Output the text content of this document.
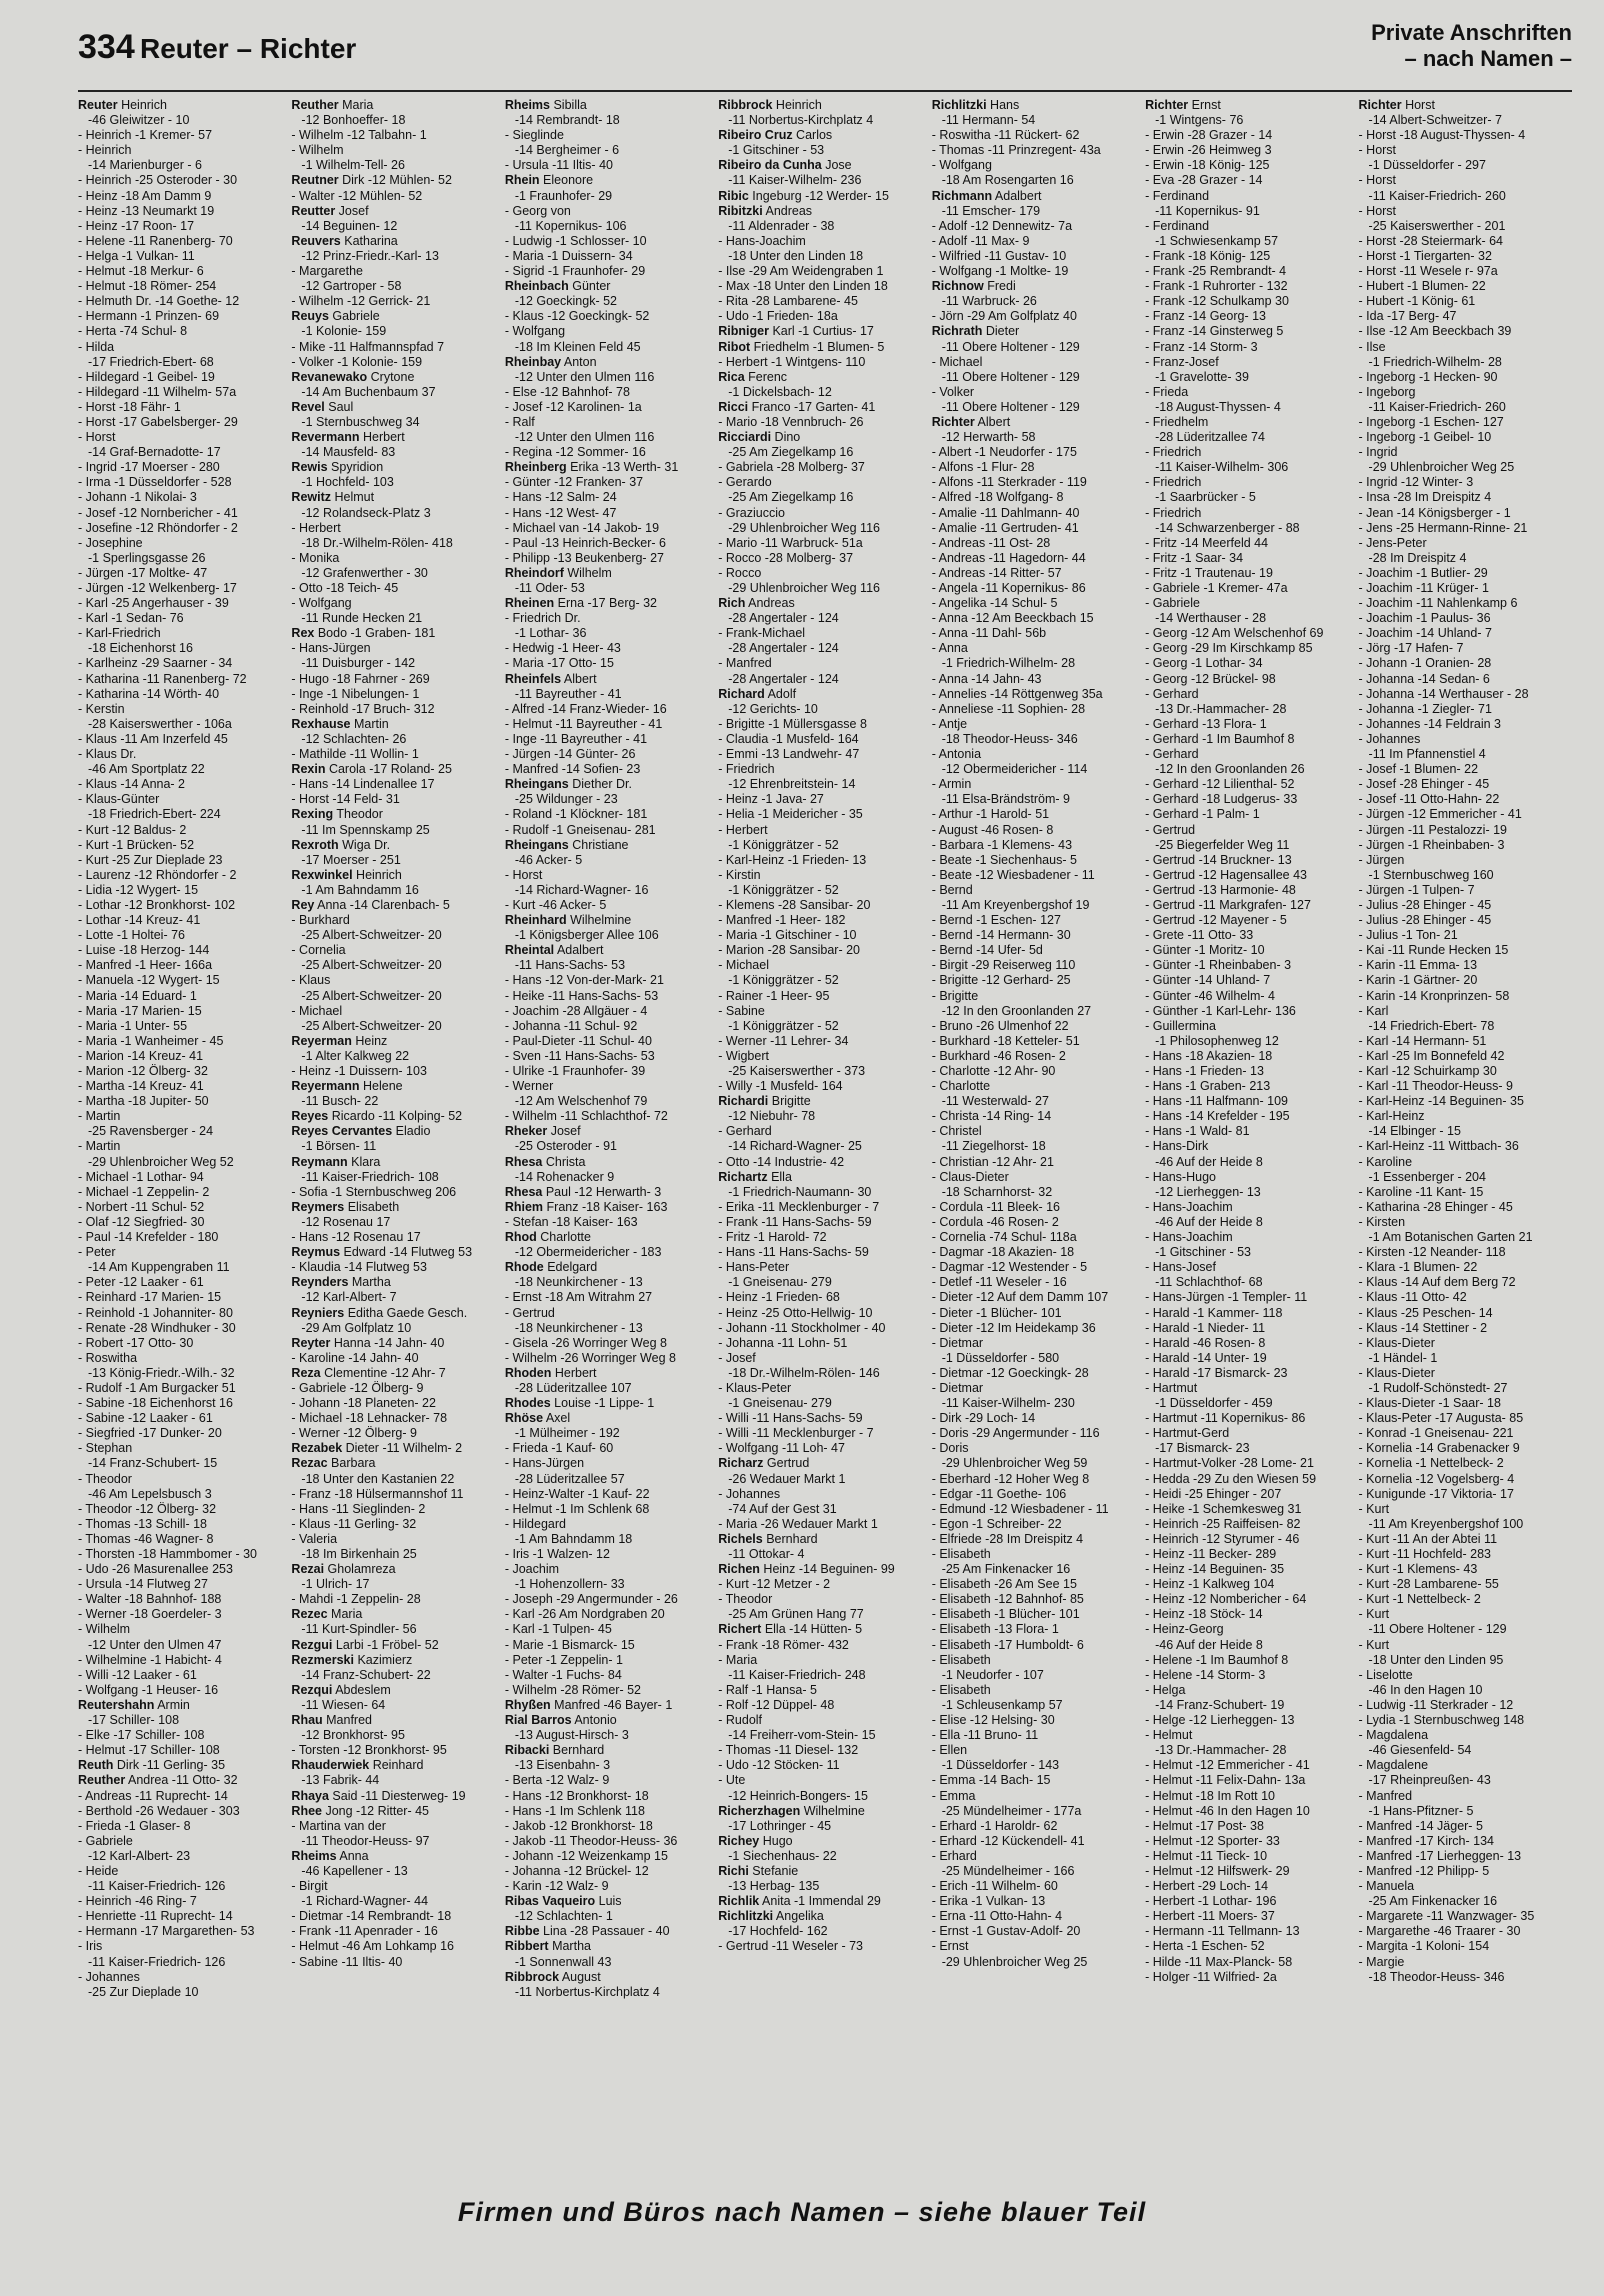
334 Reuter – Richter
Private Anschriften
– nach Namen –
Reuter Heinrich
-46 Gleiwitzer - 10
- Heinrich -1 Kremer- 57
- Heinrich
-14 Marienburger - 6
- Heinrich -25 Osteroder - 30
- Heinz -18 Am Damm 9
- Heinz -13 Neumarkt 19
- Heinz -17 Roon- 17
- Helene -11 Ranenberg- 70
- Helga -1 Vulkan- 11
- Helmut -18 Merkur- 6
- Helmut -18 Römer- 254
- Helmuth Dr. -14 Goethe- 12
- Hermann -1 Prinzen- 69
- Herta -74 Schul- 8
- Hilda
-17 Friedrich-Ebert- 68
- Hildegard -1 Geibel- 19
- Hildegard -11 Wilhelm- 57a
- Horst -18 Fähr- 1
- Horst -17 Gabelsberger- 29
- Horst
-14 Graf-Bernadotte- 17
- Ingrid -17 Moerser - 280
- Irma -1 Düsseldorfer - 528
- Johann -1 Nikolai- 3
- Josef -12 Nornbericher - 41
- Josefine -12 Rhöndorfer - 2
- Josephine
-1 Sperlingsgasse 26
- Jürgen -17 Moltke- 47
- Jürgen -12 Welkenberg- 17
- Karl -25 Angerhauser - 39
- Karl -1 Sedan- 76
- Karl-Friedrich
-18 Eichenhorst 16
- Karlheinz -29 Saarner - 34
- Katharina -11 Ranenberg- 72
- Katharina -14 Wörth- 40
- Kerstin
-28 Kaiserswerther - 106a
- Klaus -11 Am Inzerfeld 45
- Klaus Dr.
-46 Am Sportplatz 22
- Klaus -14 Anna- 2
- Klaus-Günter
-18 Friedrich-Ebert- 224
- Kurt -12 Baldus- 2
- Kurt -1 Brücken- 52
- Kurt -25 Zur Dieplade 23
- Laurenz -12 Rhöndorfer - 2
- Lidia -12 Wygert- 15
- Lothar -12 Bronkhorst- 102
- Lothar -14 Kreuz- 41
- Lotte -1 Holtei- 76
- Luise -18 Herzog- 144
- Manfred -1 Heer- 166a
- Manuela -12 Wygert- 15
- Maria -14 Eduard- 1
- Maria -17 Marien- 15
- Maria -1 Unter- 55
- Maria -1 Wanheimer - 45
- Marion -14 Kreuz- 41
- Marion -12 Ölberg- 32
- Martha -14 Kreuz- 41
- Martha -18 Jupiter- 50
- Martin
-25 Ravensberger - 24
- Martin
-29 Uhlenbroicher Weg 52
- Michael -1 Lothar- 94
- Michael -1 Zeppelin- 2
- Norbert -11 Schul- 52
- Olaf -12 Siegfried- 30
- Paul -14 Krefelder - 180
- Peter
-14 Am Kuppengraben 11
- Peter -12 Laaker - 61
- Reinhard -17 Marien- 15
- Reinhold -1 Johanniter- 80
- Renate -28 Windhuker - 30
- Robert -17 Otto- 30
- Roswitha
-13 König-Friedr.-Wilh.- 32
- Rudolf -1 Am Burgacker 51
- Sabine -18 Eichenhorst 16
- Sabine -12 Laaker - 61
- Siegfried -17 Dunker- 20
- Stephan
-14 Franz-Schubert- 15
- Theodor
-46 Am Lepelsbusch 3
- Theodor -12 Ölberg- 32
- Thomas -13 Schill- 18
- Thomas -46 Wagner- 8
- Thorsten -18 Hammbomer - 30
- Udo -26 Masurenallee 253
- Ursula -14 Flutweg 27
- Walter -18 Bahnhof- 188
- Werner -18 Goerdeler- 3
- Wilhelm
-12 Unter den Ulmen 47
- Wilhelmine -1 Habicht- 4
- Willi -12 Laaker - 61
- Wolfgang -1 Heuser- 16
Reutershahn Armin
-17 Schiller- 108
- Elke -17 Schiller- 108
- Helmut -17 Schiller- 108
Reuth Dirk -11 Gerling- 35
Reuther Andrea -11 Otto- 32
- Andreas -11 Ruprecht- 14
- Berthold -26 Wedauer - 303
- Frieda -1 Glaser- 8
- Gabriele
-12 Karl-Albert- 23
- Heide
-11 Kaiser-Friedrich- 126
- Heinrich -46 Ring- 7
- Henriette -11 Ruprecht- 14
- Hermann -17 Margarethen- 53
- Iris
-11 Kaiser-Friedrich- 126
- Johannes
-25 Zur Dieplade 10
Reuther Maria
-12 Bonhoeffer- 18
- Wilhelm -12 Talbahn- 1
- Wilhelm
-1 Wilhelm-Tell- 26
Reutner Dirk -12 Mühlen- 52
- Walter -12 Mühlen- 52
Reutter Josef
-14 Beguinen- 12
Reuvers Katharina
-12 Prinz-Friedr.-Karl- 13
- Margarethe
-12 Gartroper - 58
- Wilhelm -12 Gerrick- 21
Reuys Gabriele
-1 Kolonie- 159
- Mike -11 Halfmannspfad 7
- Volker -1 Kolonie- 159
Revanewako Crytone
-14 Am Buchenbaum 37
Revel Saul
-1 Sternbuschweg 34
Revermann Herbert
-14 Mausfeld- 83
Rewis Spyridion
-1 Hochfeld- 103
Rewitz Helmut
-12 Rolandseck-Platz 3
- Herbert
-18 Dr.-Wilhelm-Rölen- 418
- Monika
-12 Grafenwerther - 30
- Otto -18 Teich- 45
- Wolfgang
-11 Runde Hecken 21
Rex Bodo -1 Graben- 181
- Hans-Jürgen
-11 Duisburger - 142
- Hugo -18 Fahrner - 269
- Inge -1 Nibelungen- 1
- Reinhold -17 Bruch- 312
Rexhause Martin
-12 Schlachten- 26
- Mathilde -11 Wollin- 1
Rexin Carola -17 Roland- 25
- Hans -14 Lindenallee 17
- Horst -14 Feld- 31
Rexing Theodor
-11 Im Spennskamp 25
Rexroth Wiga Dr.
-17 Moerser - 251
Rexwinkel Heinrich
-1 Am Bahndamm 16
Rey Anna -14 Clarenbach- 5
- Burkhard
-25 Albert-Schweitzer- 20
- Cornelia
-25 Albert-Schweitzer- 20
- Klaus
-25 Albert-Schweitzer- 20
- Michael
-25 Albert-Schweitzer- 20
Reyerman Heinz
-1 Alter Kalkweg 22
- Heinz -1 Duissern- 103
Reyermann Helene
-11 Busch- 22
Reyes Ricardo -11 Kolping- 52
Reyes Cervantes Eladio
-1 Börsen- 11
Reymann Klara
-11 Kaiser-Friedrich- 108
- Sofia -1 Sternbuschweg 206
Reymers Elisabeth
-12 Rosenau 17
- Hans -12 Rosenau 17
Reymus Edward -14 Flutweg 53
- Klaudia -14 Flutweg 53
Reynders Martha
-12 Karl-Albert- 7
Reyniers Editha Gaede Gesch.
-29 Am Golfplatz 10
Reyter Hanna -14 Jahn- 40
- Karoline -14 Jahn- 40
Reza Clementine -12 Ahr- 7
- Gabriele -12 Ölberg- 9
- Johann -18 Planeten- 22
- Michael -18 Lehnacker- 78
- Werner -12 Ölberg- 9
Rezabek Dieter -11 Wilhelm- 2
Rezac Barbara
-18 Unter den Kastanien 22
- Franz -18 Hülsermannshof 11
- Hans -11 Sieglinden- 2
- Klaus -11 Gerling- 32
- Valeria
-18 Im Birkenhain 25
Rezai Gholamreza
-1 Ulrich- 17
- Mahdi -1 Zeppelin- 28
Rezec Maria
-11 Kurt-Spindler- 56
Rezgui Larbi -1 Fröbel- 52
Rezmerski Kazimierz
-14 Franz-Schubert- 22
Rezqui Abdeslem
-11 Wiesen- 64
Rhau Manfred
-12 Bronkhorst- 95
- Torsten -12 Bronkhorst- 95
Rhauderwiek Reinhard
-13 Fabrik- 44
Rhaya Said -11 Diesterweg- 19
Rhee Jong -12 Ritter- 45
- Martina van der
-11 Theodor-Heuss- 97
Rheims Anna
-46 Kapellener - 13
- Birgit
-1 Richard-Wagner- 44
- Dietmar -14 Rembrandt- 18
- Frank -11 Apenrader - 16
- Helmut -46 Am Lohkamp 16
- Sabine -11 Iltis- 40
Rheims Sibilla
-14 Rembrandt- 18
- Sieglinde
-14 Bergheimer - 6
- Ursula -11 Iltis- 40
Rhein Eleonore
-1 Fraunhofer- 29
- Georg von
-11 Kopernikus- 106
- Ludwig -1 Schlosser- 10
- Maria -1 Duissern- 34
- Sigrid -1 Fraunhofer- 29
Rheinbach Günter
-12 Goeckingk- 52
- Klaus -12 Goeckingk- 52
- Wolfgang
-18 Im Kleinen Feld 45
Rheinbay Anton
-12 Unter den Ulmen 116
- Else -12 Bahnhof- 78
- Josef -12 Karolinen- 1a
- Ralf
-12 Unter den Ulmen 116
- Regina -12 Sommer- 16
Rheinberg Erika -13 Werth- 31
- Günter -12 Franken- 37
- Hans -12 Salm- 24
- Hans -12 West- 47
- Michael van -14 Jakob- 19
- Paul -13 Heinrich-Becker- 6
- Philipp -13 Beukenberg- 27
Rheindorf Wilhelm
-11 Oder- 53
Rheinen Erna -17 Berg- 32
- Friedrich Dr.
-1 Lothar- 36
- Hedwig -1 Heer- 43
- Maria -17 Otto- 15
Rheinfels Albert
-11 Bayreuther - 41
- Alfred -14 Franz-Wieder- 16
- Helmut -11 Bayreuther - 41
- Inge -11 Bayreuther - 41
- Jürgen -14 Günter- 26
- Manfred -14 Sofien- 23
Rheingans Diether Dr.
-25 Wildunger - 23
- Roland -1 Klöckner- 181
- Rudolf -1 Gneisenau- 281
Rheingans Christiane
-46 Acker- 5
- Horst
-14 Richard-Wagner- 16
- Kurt -46 Acker- 5
Rheinhard Wilhelmine
-1 Königsberger Allee 106
Rheintal Adalbert
-11 Hans-Sachs- 53
- Hans -12 Von-der-Mark- 21
- Heike -11 Hans-Sachs- 53
- Joachim -28 Allgäuer - 4
- Johanna -11 Schul- 92
- Paul-Dieter -11 Schul- 40
- Sven -11 Hans-Sachs- 53
- Ulrike -1 Fraunhofer- 39
- Werner
-12 Am Welschenhof 79
- Wilhelm -11 Schlachthof- 72
Rheker Josef
-25 Osteroder - 91
Rhesa Christa
-14 Rohenacker 9
Rhesa Paul -12 Herwarth- 3
Rhiem Franz -18 Kaiser- 163
- Stefan -18 Kaiser- 163
Rhod Charlotte
-12 Obermeidericher - 183
Rhode Edelgard
-18 Neunkirchener - 13
- Ernst -18 Am Witrahm 27
- Gertrud
-18 Neunkirchener - 13
- Gisela -26 Worringer Weg 8
- Wilhelm -26 Worringer Weg 8
Rhoden Herbert
-28 Lüderitzallee 107
Rhodes Louise -1 Lippe- 1
Rhöse Axel
-1 Mülheimer - 192
- Frieda -1 Kauf- 60
- Hans-Jürgen
-28 Lüderitzallee 57
- Heinz-Walter -1 Kauf- 22
- Helmut -1 Im Schlenk 68
- Hildegard
-1 Am Bahndamm 18
- Iris -1 Walzen- 12
- Joachim
-1 Hohenzollern- 33
- Joseph -29 Angermunder - 26
- Karl -26 Am Nordgraben 20
- Karl -1 Tulpen- 45
- Marie -1 Bismarck- 15
- Peter -1 Zeppelin- 1
- Walter -1 Fuchs- 84
- Wilhelm -28 Römer- 52
Rhyßen Manfred -46 Bayer- 1
Rial Barros Antonio
-13 August-Hirsch- 3
Ribacki Bernhard
-13 Eisenbahn- 3
- Berta -12 Walz- 9
- Hans -12 Bronkhorst- 18
- Hans -1 Im Schlenk 118
- Jakob -12 Bronkhorst- 18
- Jakob -11 Theodor-Heuss- 36
- Johann -12 Weizenkamp 15
- Johanna -12 Brückel- 12
- Karin -12 Walz- 9
Ribas Vaqueiro Luis
-12 Schlachten- 1
Ribbe Lina -28 Passauer - 40
Ribbert Martha
-1 Sonnenwall 43
Ribbrock August
-11 Norbertus-Kirchplatz 4
Ribbrock Heinrich
-11 Norbertus-Kirchplatz 4
Ribeiro Cruz Carlos
-1 Gitschiner - 53
Ribeiro da Cunha Jose
-11 Kaiser-Wilhelm- 236
Ribic Ingeburg -12 Werder- 15
Ribitzki Andreas
-11 Aldenrader - 38
- Hans-Joachim
-18 Unter den Linden 18
- Ilse -29 Am Weidengraben 1
- Max -18 Unter den Linden 18
- Rita -28 Lambarene- 45
- Udo -1 Frieden- 18a
Ribniger Karl -1 Curtius- 17
Ribot Friedhelm -1 Blumen- 5
- Herbert -1 Wintgens- 110
Rica Ferenc
-1 Dickelsbach- 12
Ricci Franco -17 Garten- 41
- Mario -18 Vennbruch- 26
Ricciardi Dino
-25 Am Ziegelkamp 16
- Gabriela -28 Molberg- 37
- Gerardo
-25 Am Ziegelkamp 16
- Graziuccio
-29 Uhlenbroicher Weg 116
- Mario -11 Warbruck- 51a
- Rocco -28 Molberg- 37
- Rocco
-29 Uhlenbroicher Weg 116
Rich Andreas
-28 Angertaler - 124
- Frank-Michael
-28 Angertaler - 124
- Manfred
-28 Angertaler - 124
Richard Adolf
-12 Gerichts- 10
- Brigitte -1 Müllersgasse 8
- Claudia -1 Musfeld- 164
- Emmi -13 Landwehr- 47
- Friedrich
-12 Ehrenbreitstein- 14
- Heinz -1 Java- 27
- Helia -1 Meidericher - 35
- Herbert
-1 Königgrätzer - 52
- Karl-Heinz -1 Frieden- 13
- Kirstin
-1 Königgrätzer - 52
- Klemens -28 Sansibar- 20
- Manfred -1 Heer- 182
- Maria -1 Gitschiner - 10
- Marion -28 Sansibar- 20
- Michael
-1 Königgrätzer - 52
- Rainer -1 Heer- 95
- Sabine
-1 Königgrätzer - 52
- Werner -11 Lehrer- 34
- Wigbert
-25 Kaiserswerther - 373
- Willy -1 Musfeld- 164
Richardi Brigitte
-12 Niebuhr- 78
- Gerhard
-14 Richard-Wagner- 25
- Otto -14 Industrie- 42
Richartz Ella
-1 Friedrich-Naumann- 30
- Erika -11 Mecklenburger - 7
- Frank -11 Hans-Sachs- 59
- Fritz -1 Harold- 72
- Hans -11 Hans-Sachs- 59
- Hans-Peter
-1 Gneisenau- 279
- Heinz -1 Frieden- 68
- Heinz -25 Otto-Hellwig- 10
- Johann -11 Stockholmer - 40
- Johanna -11 Lohn- 51
- Josef
-18 Dr.-Wilhelm-Rölen- 146
- Klaus-Peter
-1 Gneisenau- 279
- Willi -11 Hans-Sachs- 59
- Willi -11 Mecklenburger - 7
- Wolfgang -11 Loh- 47
Richarz Gertrud
-26 Wedauer Markt 1
- Johannes
-74 Auf der Gest 31
- Maria -26 Wedauer Markt 1
Richels Bernhard
-11 Ottokar- 4
Richen Heinz -14 Beguinen- 99
- Kurt -12 Metzer - 2
- Theodor
-25 Am Grünen Hang 77
Richert Ella -14 Hütten- 5
- Frank -18 Römer- 432
- Maria
-11 Kaiser-Friedrich- 248
- Ralf -1 Hansa- 5
- Rolf -12 Düppel- 48
- Rudolf
-14 Freiherr-vom-Stein- 15
- Thomas -11 Diesel- 132
- Udo -12 Stöcken- 11
- Ute
-12 Heinrich-Bongers- 15
Richerzhagen Wilhelmine
-17 Lothringer - 45
Richey Hugo
-1 Siechenhaus- 22
Richi Stefanie
-13 Herbag- 135
Richlik Anita -1 Immendal 29
Richlitzki Angelika
-17 Hochfeld- 162
- Gertrud -11 Weseler - 73
Richlitzki Hans
-11 Hermann- 54
- Roswitha -11 Rückert- 62
- Thomas -11 Prinzregent- 43a
- Wolfgang
-18 Am Rosengarten 16
Richmann Adalbert
-11 Emscher- 179
- Adolf -12 Dennewitz- 7a
- Adolf -11 Max- 9
- Wilfried -11 Gustav- 10
- Wolfgang -1 Moltke- 19
Richnow Fredi
-11 Warbruck- 26
- Jörn -29 Am Golfplatz 40
Richrath Dieter
-11 Obere Holtener - 129
- Michael
-11 Obere Holtener - 129
- Volker
-11 Obere Holtener - 129
Richter Albert
-12 Herwarth- 58
- Albert -1 Neudorfer - 175
- Alfons -1 Flur- 28
- Alfons -11 Sterkrader - 119
- Alfred -18 Wolfgang- 8
- Amalie -11 Dahlmann- 40
- Amalie -11 Gertruden- 41
- Andreas -11 Ost- 28
- Andreas -11 Hagedorn- 44
- Andreas -14 Ritter- 57
- Angela -11 Kopernikus- 86
- Angelika -14 Schul- 5
- Anna -12 Am Beeckbach 15
- Anna -11 Dahl- 56b
- Anna
-1 Friedrich-Wilhelm- 28
- Anna -14 Jahn- 43
- Annelies -14 Röttgenweg 35a
- Anneliese -11 Sophien- 28
- Antje
-18 Theodor-Heuss- 346
- Antonia
-12 Obermeidericher - 114
- Armin
-11 Elsa-Brändström- 9
- Arthur -1 Harold- 51
- August -46 Rosen- 8
- Barbara -1 Klemens- 43
- Beate -1 Siechenhaus- 5
- Beate -12 Wiesbadener - 11
- Bernd
-11 Am Kreyenbergshof 19
- Bernd -1 Eschen- 127
- Bernd -14 Hermann- 30
- Bernd -14 Ufer- 5d
- Birgit -29 Reiserweg 110
- Brigitte -12 Gerhard- 25
- Brigitte
-12 In den Groonlanden 27
- Bruno -26 Ulmenhof 22
- Burkhard -18 Ketteler- 51
- Burkhard -46 Rosen- 2
- Charlotte -12 Ahr- 90
- Charlotte
-11 Westerwald- 27
- Christa -14 Ring- 14
- Christel
-11 Ziegelhorst- 18
- Christian -12 Ahr- 21
- Claus-Dieter
-18 Scharnhorst- 32
- Cordula -11 Bleek- 16
- Cordula -46 Rosen- 2
- Cornelia -74 Schul- 118a
- Dagmar -18 Akazien- 18
- Dagmar -12 Westender - 5
- Detlef -11 Weseler - 16
- Dieter -12 Auf dem Damm 107
- Dieter -1 Blücher- 101
- Dieter -12 Im Heidekamp 36
- Dietmar
-1 Düsseldorfer - 580
- Dietmar -12 Goeckingk- 28
- Dietmar
-11 Kaiser-Wilhelm- 230
- Dirk -29 Loch- 14
- Doris -29 Angermunder - 116
- Doris
-29 Uhlenbroicher Weg 59
- Eberhard -12 Hoher Weg 8
- Edgar -11 Goethe- 106
- Edmund -12 Wiesbadener - 11
- Egon -1 Schreiber- 22
- Elfriede -28 Im Dreispitz 4
- Elisabeth
-25 Am Finkenacker 16
- Elisabeth -26 Am See 15
- Elisabeth -12 Bahnhof- 85
- Elisabeth -1 Blücher- 101
- Elisabeth -13 Flora- 1
- Elisabeth -17 Humboldt- 6
- Elisabeth
-1 Neudorfer - 107
- Elisabeth
-1 Schleusenkamp 57
- Elise -12 Helsing- 30
- Ella -11 Bruno- 11
- Ellen
-1 Düsseldorfer - 143
- Emma -14 Bach- 15
- Emma
-25 Mündelheimer - 177a
- Erhard -1 Haroldr- 62
- Erhard -12 Kückendell- 41
- Erhard
-25 Mündelheimer - 166
- Erich -11 Wilhelm- 60
- Erika -1 Vulkan- 13
- Erna -11 Otto-Hahn- 4
- Ernst -1 Gustav-Adolf- 20
- Ernst
-29 Uhlenbroicher Weg 25
Richter Ernst
-1 Wintgens- 76
- Erwin -28 Grazer - 14
- Erwin -26 Heimweg 3
- Erwin -18 König- 125
- Eva -28 Grazer - 14
- Ferdinand
-11 Kopernikus- 91
- Ferdinand
-1 Schwiesenkamp 57
- Frank -18 König- 125
- Frank -25 Rembrandt- 4
- Frank -1 Ruhrorter - 132
- Frank -12 Schulkamp 30
- Franz -14 Georg- 13
- Franz -14 Ginsterweg 5
- Franz -14 Storm- 3
- Franz-Josef
-1 Gravelotte- 39
- Frieda
-18 August-Thyssen- 4
- Friedhelm
-28 Lüderitzallee 74
- Friedrich
-11 Kaiser-Wilhelm- 306
- Friedrich
-1 Saarbrücker - 5
- Friedrich
-14 Schwarzenberger - 88
- Fritz -14 Meerfeld 44
- Fritz -1 Saar- 34
- Fritz -1 Trautenau- 19
- Gabriele -1 Kremer- 47a
- Gabriele
-14 Werthauser - 28
- Georg -12 Am Welschenhof 69
- Georg -29 Im Kirschkamp 85
- Georg -1 Lothar- 34
- Georg -12 Brückel- 98
- Gerhard
-13 Dr.-Hammacher- 28
- Gerhard -13 Flora- 1
- Gerhard -1 Im Baumhof 8
- Gerhard
-12 In den Groonlanden 26
- Gerhard -12 Lilienthal- 52
- Gerhard -18 Ludgerus- 33
- Gerhard -1 Palm- 1
- Gertrud
-25 Biegerfelder Weg 11
- Gertrud -14 Bruckner- 13
- Gertrud -12 Hagensallee 43
- Gertrud -13 Harmonie- 48
- Gertrud -11 Markgrafen- 127
- Gertrud -12 Mayener - 5
- Grete -11 Otto- 33
- Günter -1 Moritz- 10
- Günter -1 Rheinbaben- 3
- Günter -14 Uhland- 7
- Günter -46 Wilhelm- 4
- Günther -1 Karl-Lehr- 136
- Guillermina
-1 Philosophenweg 12
- Hans -18 Akazien- 18
- Hans -1 Frieden- 13
- Hans -1 Graben- 213
- Hans -11 Halfmann- 109
- Hans -14 Krefelder - 195
- Hans -1 Wald- 81
- Hans-Dirk
-46 Auf der Heide 8
- Hans-Hugo
-12 Lierheggen- 13
- Hans-Joachim
-46 Auf der Heide 8
- Hans-Joachim
-1 Gitschiner - 53
- Hans-Josef
-11 Schlachthof- 68
- Hans-Jürgen -1 Templer- 11
- Harald -1 Kammer- 118
- Harald -1 Nieder- 11
- Harald -46 Rosen- 8
- Harald -14 Unter- 19
- Harald -17 Bismarck- 23
- Hartmut
-1 Düsseldorfer - 459
- Hartmut -11 Kopernikus- 86
- Hartmut-Gerd
-17 Bismarck- 23
- Hartmut-Volker -28 Lome- 21
- Hedda -29 Zu den Wiesen 59
- Heidi -25 Ehinger - 207
- Heike -1 Schemkesweg 31
- Heinrich -25 Raiffeisen- 82
- Heinrich -12 Styrumer - 46
- Heinz -11 Becker- 289
- Heinz -14 Beguinen- 35
- Heinz -1 Kalkweg 104
- Heinz -12 Nombericher - 64
- Heinz -18 Stöck- 14
- Heinz-Georg
-46 Auf der Heide 8
- Helene -1 Im Baumhof 8
- Helene -14 Storm- 3
- Helga
-14 Franz-Schubert- 19
- Helge -12 Lierheggen- 13
- Helmut
-13 Dr.-Hammacher- 28
- Helmut -12 Emmericher - 41
- Helmut -11 Felix-Dahn- 13a
- Helmut -18 Im Rott 10
- Helmut -46 In den Hagen 10
- Helmut -17 Post- 38
- Helmut -12 Sporter- 33
- Helmut -11 Tieck- 10
- Helmut -12 Hilfswerk- 29
- Herbert -29 Loch- 14
- Herbert -1 Lothar- 196
- Herbert -11 Moers- 37
- Hermann -11 Tellmann- 13
- Herta -1 Eschen- 52
- Hilde -11 Max-Planck- 58
- Holger -11 Wilfried- 2a
Richter Horst
-14 Albert-Schweitzer- 7
- Horst -18 August-Thyssen- 4
- Horst
-1 Düsseldorfer - 297
- Horst
-11 Kaiser-Friedrich- 260
- Horst
-25 Kaiserswerther - 201
- Horst -28 Steiermark- 64
- Horst -1 Tiergarten- 32
- Horst -11 Wesele r- 97a
- Hubert -1 Blumen- 22
- Hubert -1 König- 61
- Ida -17 Berg- 47
- Ilse -12 Am Beeckbach 39
- Ilse
-1 Friedrich-Wilhelm- 28
- Ingeborg -1 Hecken- 90
- Ingeborg
-11 Kaiser-Friedrich- 260
- Ingeborg -1 Eschen- 127
- Ingeborg -1 Geibel- 10
- Ingrid
-29 Uhlenbroicher Weg 25
- Ingrid -12 Winter- 3
- Insa -28 Im Dreispitz 4
- Jean -14 Königsberger - 1
- Jens -25 Hermann-Rinne- 21
- Jens-Peter
-28 Im Dreispitz 4
- Joachim -1 Butlier- 29
- Joachim -11 Krüger- 1
- Joachim -11 Nahlenkamp 6
- Joachim -1 Paulus- 36
- Joachim -14 Uhland- 7
- Jörg -17 Hafen- 7
- Johann -1 Oranien- 28
- Johanna -14 Sedan- 6
- Johanna -14 Werthauser - 28
- Johanna -1 Ziegler- 71
- Johannes -14 Feldrain 3
- Johannes
-11 Im Pfannenstiel 4
- Josef -1 Blumen- 22
- Josef -28 Ehinger - 45
- Josef -11 Otto-Hahn- 22
- Jürgen -12 Emmericher - 41
- Jürgen -11 Pestalozzi- 19
- Jürgen -1 Rheinbaben- 3
- Jürgen
-1 Sternbuschweg 160
- Jürgen -1 Tulpen- 7
- Julius -28 Ehinger - 45
- Julius -28 Ehinger - 45
- Julius -1 Ton- 21
- Kai -11 Runde Hecken 15
- Karin -11 Emma- 13
- Karin -1 Gärtner- 20
- Karin -14 Kronprinzen- 58
- Karl
-14 Friedrich-Ebert- 78
- Karl -14 Hermann- 51
- Karl -25 Im Bonnefeld 42
- Karl -12 Schuirkamp 30
- Karl -11 Theodor-Heuss- 9
- Karl-Heinz -14 Beguinen- 35
- Karl-Heinz
-14 Elbinger - 15
- Karl-Heinz -11 Wittbach- 36
- Karoline
-1 Essenberger - 204
- Karoline -11 Kant- 15
- Katharina -28 Ehinger - 45
- Kirsten
-1 Am Botanischen Garten 21
- Kirsten -12 Neander- 118
- Klara -1 Blumen- 22
- Klaus -14 Auf dem Berg 72
- Klaus -11 Otto- 42
- Klaus -25 Peschen- 14
- Klaus -14 Stettiner - 2
- Klaus-Dieter
-1 Händel- 1
- Klaus-Dieter
-1 Rudolf-Schönstedt- 27
- Klaus-Dieter -1 Saar- 18
- Klaus-Peter -17 Augusta- 85
- Konrad -1 Gneisenau- 221
- Kornelia -14 Grabenacker 9
- Kornelia -1 Nettelbeck- 2
- Kornelia -12 Vogelsberg- 4
- Kunigunde -17 Viktoria- 17
- Kurt
-11 Am Kreyenbergshof 100
- Kurt -11 An der Abtei 11
- Kurt -11 Hochfeld- 283
- Kurt -1 Klemens- 43
- Kurt -28 Lambarene- 55
- Kurt -1 Nettelbeck- 2
- Kurt
-11 Obere Holtener - 129
- Kurt
-18 Unter den Linden 95
- Liselotte
-46 In den Hagen 10
- Ludwig -11 Sterkrader - 12
- Lydia -1 Sternbuschweg 148
- Magdalena
-46 Giesenfeld- 54
- Magdalene
-17 Rheinpreußen- 43
- Manfred
-1 Hans-Pfitzner- 5
- Manfred -14 Jäger- 5
- Manfred -17 Kirch- 134
- Manfred -17 Lierheggen- 13
- Manfred -12 Philipp- 5
- Manuela
-25 Am Finkenacker 16
- Margarete -11 Wanzwager- 35
- Margarethe -46 Traarer - 30
- Margita -1 Koloni- 154
- Margie
-18 Theodor-Heuss- 346
Firmen und Büros nach Namen – siehe blauer Teil
